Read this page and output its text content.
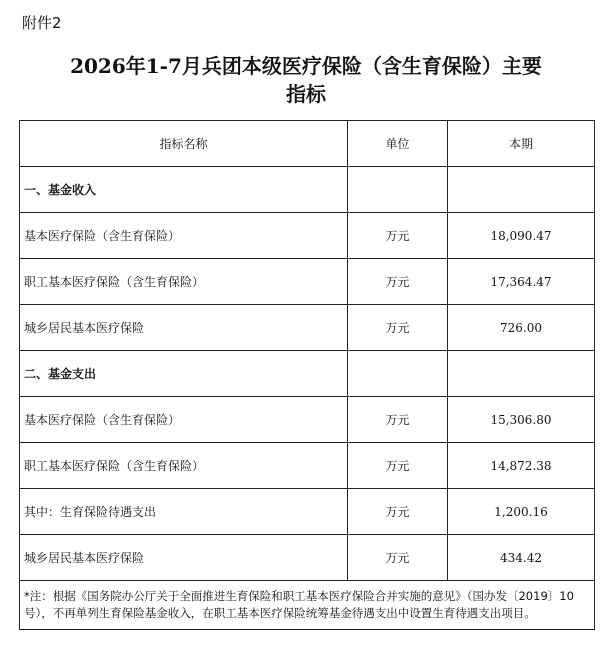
附件2
2026年1-7月兵团本级医疗保险（含生育保险）主要
指标
指标名称	单位	本期
一、基金收入		
基本医疗保险（含生育保险）	万元	18,090.47
职工基本医疗保险（含生育保险）	万元	17,364.47
城乡居民基本医疗保险	万元	726.00
二、基金支出		
基本医疗保险（含生育保险）	万元	15,306.80
职工基本医疗保险（含生育保险）	万元	14,872.38
其中：生育保险待遇支出	万元	1,200.16
城乡居民基本医疗保险	万元	434.42
*注：根据《国务院办公厅关于全面推进生育保险和职工基本医疗保险合并实施的意见》（国办发〔2019〕10号），不再单列生育保险基金收入，在职工基本医疗保险统筹基金待遇支出中设置生育待遇支出项目。		
